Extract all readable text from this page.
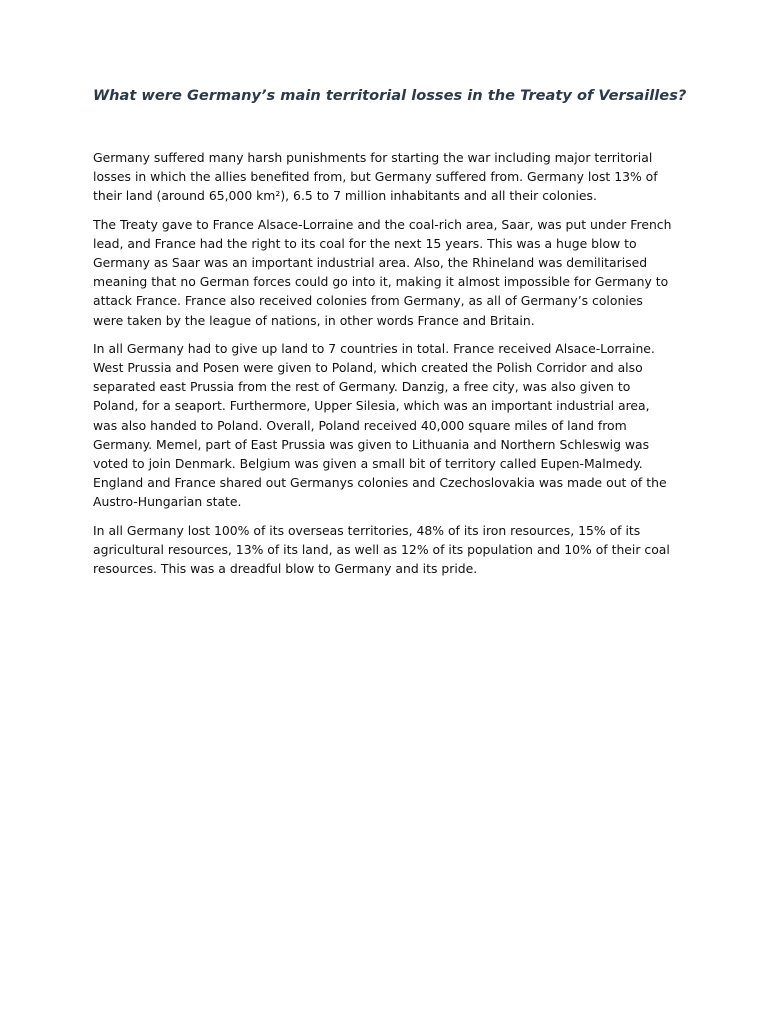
What were Germany’s main territorial losses in the Treaty of Versailles?

Germany suffered many harsh punishments for starting the war including major territorial losses in which the allies benefited from, but Germany suffered from. Germany lost 13% of their land (around 65,000 km²), 6.5 to 7 million inhabitants and all their colonies.

The Treaty gave to France Alsace-Lorraine and the coal-rich area, Saar, was put under French lead, and France had the right to its coal for the next 15 years. This was a huge blow to Germany as Saar was an important industrial area. Also, the Rhineland was demilitarised meaning that no German forces could go into it, making it almost impossible for Germany to attack France. France also received colonies from Germany, as all of Germany’s colonies were taken by the league of nations, in other words France and Britain.

In all Germany had to give up land to 7 countries in total. France received Alsace-Lorraine. West Prussia and Posen were given to Poland, which created the Polish Corridor and also separated east Prussia from the rest of Germany. Danzig, a free city, was also given to Poland, for a seaport. Furthermore, Upper Silesia, which was an important industrial area, was also handed to Poland. Overall, Poland received 40,000 square miles of land from Germany. Memel, part of East Prussia was given to Lithuania and Northern Schleswig was voted to join Denmark. Belgium was given a small bit of territory called Eupen-Malmedy. England and France shared out Germanys colonies and Czechoslovakia was made out of the Austro-Hungarian state.

In all Germany lost 100% of its overseas territories, 48% of its iron resources, 15% of its agricultural resources, 13% of its land, as well as 12% of its population and 10% of their coal resources. This was a dreadful blow to Germany and its pride.
